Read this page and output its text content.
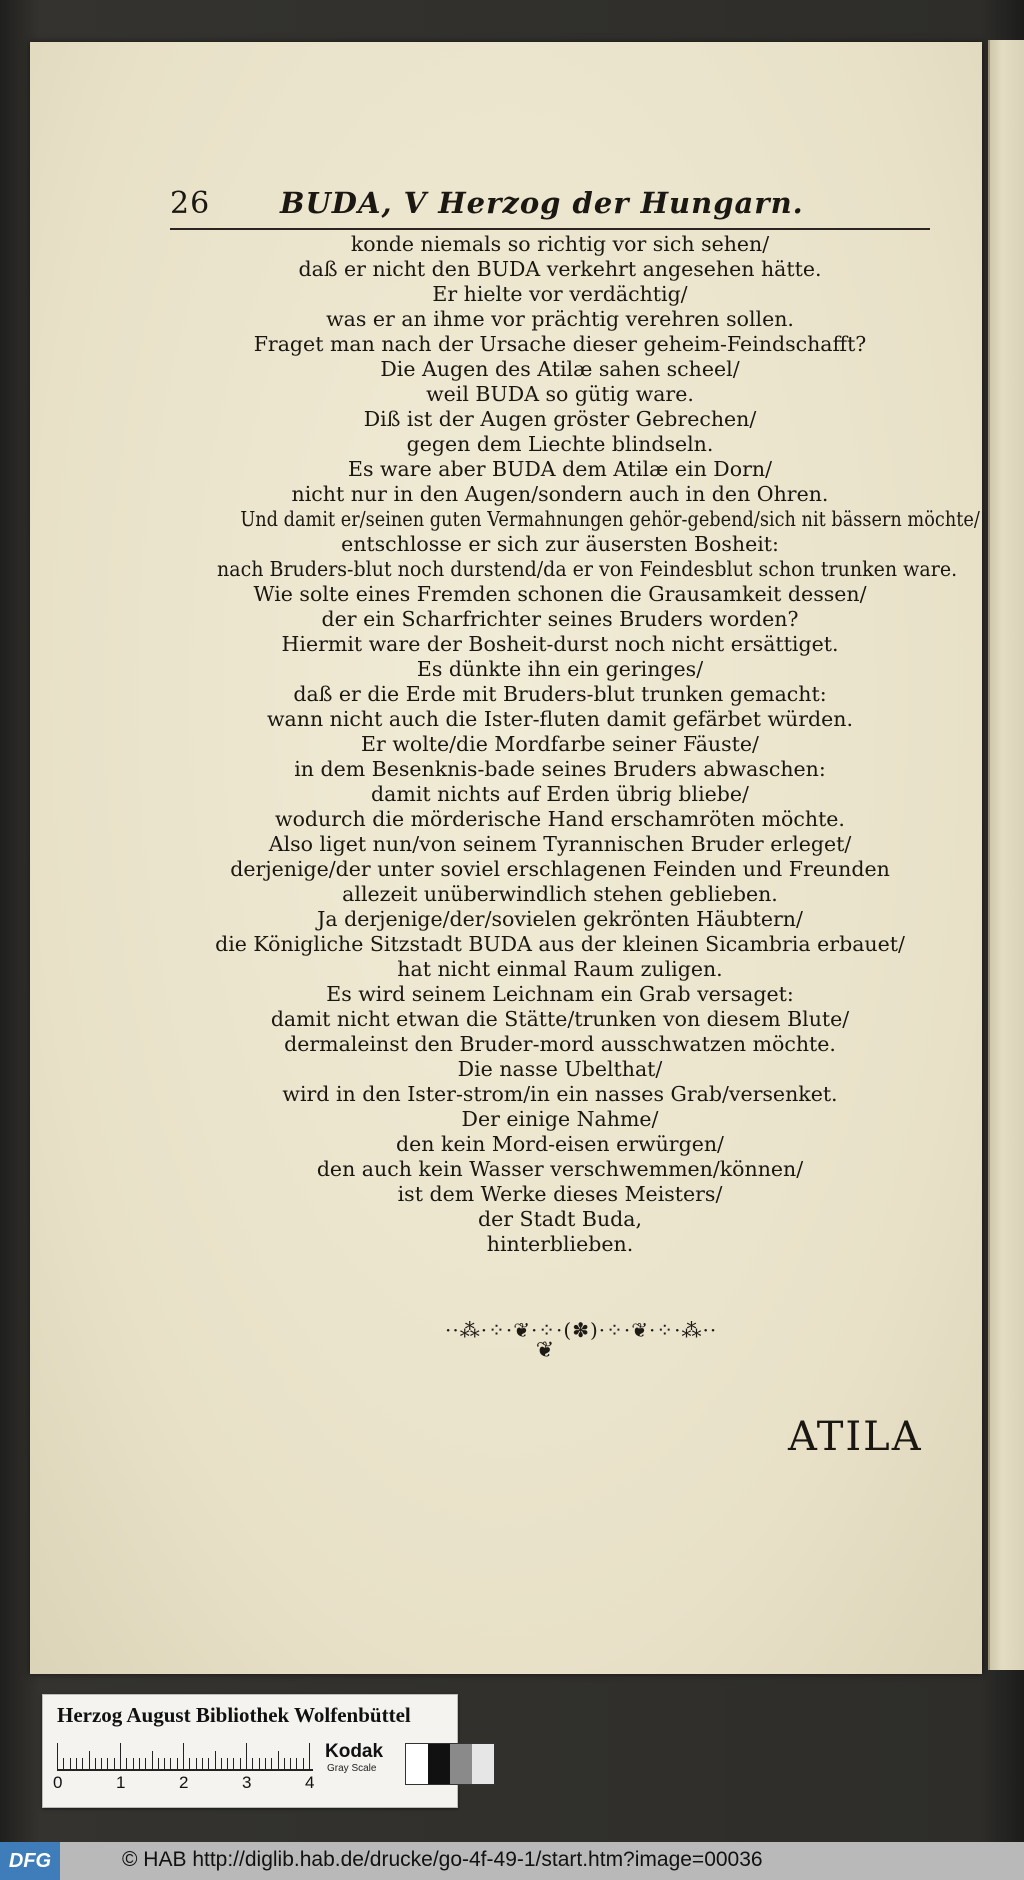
26 BUDA, V Herzog der Hungarn.
konde niemals so richtig vor sich sehen/
daß er nicht den BUDA verkehrt angesehen hätte.
Er hielte vor verdächtig/
was er an ihme vor prächtig verehren sollen.
Fraget man nach der Ursache dieser geheim-Feindschafft?
Die Augen des Atilæ sahen scheel/
weil BUDA so gütig ware.
Diß ist der Augen gröster Gebrechen/
gegen dem Liechte blindseln.
Es ware aber BUDA dem Atilæ ein Dorn/
nicht nur in den Augen/sondern auch in den Ohren.
Und damit er/seinen guten Vermahnungen gehör-gebend/sich nit bässern möchte/
entschlosse er sich zur äusersten Bosheit:
nach Bruders-blut noch durstend/da er von Feindesblut schon trunken ware.
Wie solte eines Fremden schonen die Grausamkeit dessen/
der ein Scharfrichter seines Bruders worden?
Hiermit ware der Bosheit-durst noch nicht ersättiget.
Es dünkte ihn ein geringes/
daß er die Erde mit Bruders-blut trunken gemacht:
wann nicht auch die Ister-fluten damit gefärbet würden.
Er wolte/die Mordfarbe seiner Fäuste/
in dem Besenknis-bade seines Bruders abwaschen:
damit nichts auf Erden übrig bliebe/
wodurch die mörderische Hand erschamröten möchte.
Also liget nun/von seinem Tyrannischen Bruder erleget/
derjenige/der unter soviel erschlagenen Feinden und Freunden
allezeit unüberwindlich stehen geblieben.
Ja derjenige/der/sovielen gekrönten Häubtern/
die Königliche Sitzstadt BUDA aus der kleinen Sicambria erbauet/
hat nicht einmal Raum zuligen.
Es wird seinem Leichnam ein Grab versaget:
damit nicht etwan die Stätte/trunken von diesem Blute/
dermaleinst den Bruder-mord ausschwatzen möchte.
Die nasse Ubelthat/
wird in den Ister-strom/in ein nasses Grab/versenket.
Der einige Nahme/
den kein Mord-eisen erwürgen/
den auch kein Wasser verschwemmen/können/
ist dem Werke dieses Meisters/
der Stadt Buda,
hinterblieben.
··⁂·⁘·❦·⁘·(✽)·⁘·❦·⁘·⁂··
❦
ATILA
Herzog August Bibliothek Wolfenbüttel
0	1	2	3	4
Kodak
Gray Scale
DFG	© HAB http://diglib.hab.de/drucke/go-4f-49-1/start.htm?image=00036
